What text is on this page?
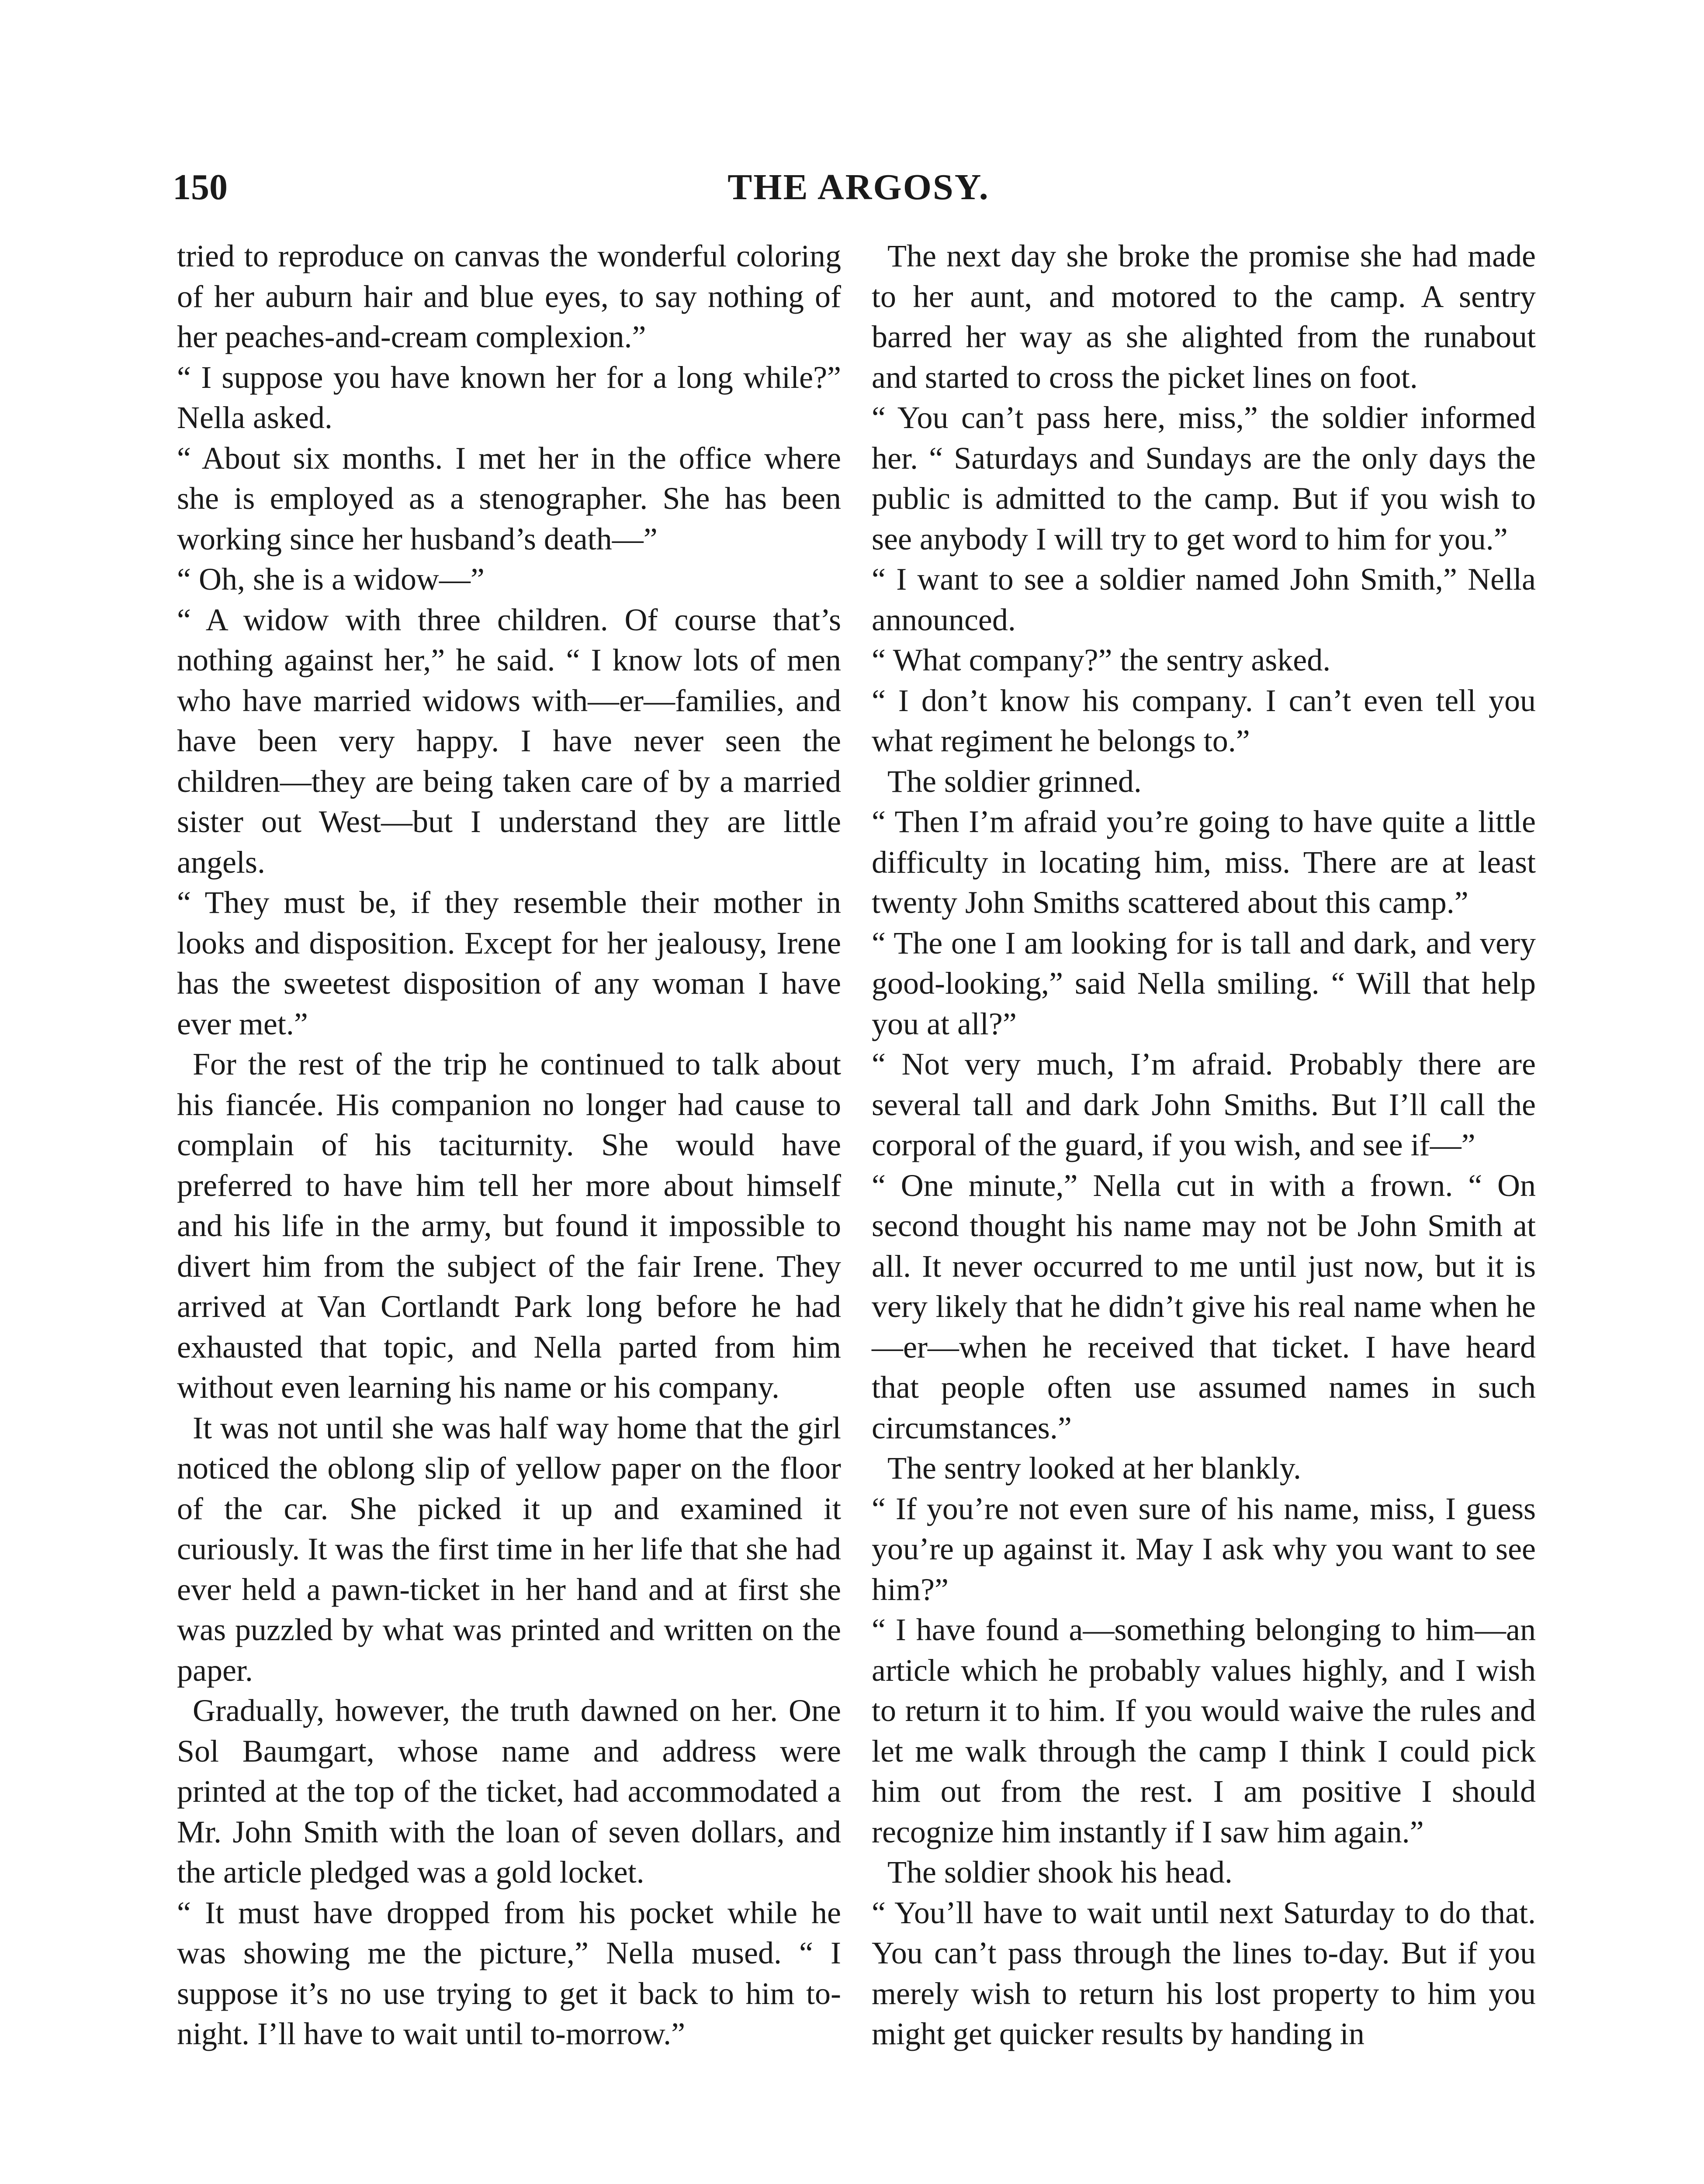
150	THE ARGOSY.

tried to reproduce on canvas the wonderful coloring of her auburn hair and blue eyes, to say nothing of her peaches-and-cream complexion.”

“ I suppose you have known her for a long while?” Nella asked.

“ About six months. I met her in the office where she is employed as a stenographer. She has been working since her husband’s death—”

“ Oh, she is a widow—”

“ A widow with three children. Of course that’s nothing against her,” he said. “ I know lots of men who have married widows with—er—families, and have been very happy. I have never seen the children—they are being taken care of by a married sister out West—but I understand they are little angels.

“ They must be, if they resemble their mother in looks and disposition. Except for her jealousy, Irene has the sweetest disposition of any woman I have ever met.”

For the rest of the trip he continued to talk about his fiancée. His companion no longer had cause to complain of his taciturnity. She would have preferred to have him tell her more about himself and his life in the army, but found it impossible to divert him from the subject of the fair Irene. They arrived at Van Cortlandt Park long before he had exhausted that topic, and Nella parted from him without even learning his name or his company.

It was not until she was half way home that the girl noticed the oblong slip of yellow paper on the floor of the car. She picked it up and examined it curiously. It was the first time in her life that she had ever held a pawn-ticket in her hand and at first she was puzzled by what was printed and written on the paper.

Gradually, however, the truth dawned on her. One Sol Baumgart, whose name and address were printed at the top of the ticket, had accommodated a Mr. John Smith with the loan of seven dollars, and the article pledged was a gold locket.

“ It must have dropped from his pocket while he was showing me the picture,” Nella mused. “ I suppose it’s no use trying to get it back to him to-night. I’ll have to wait until to-morrow.”

The next day she broke the promise she had made to her aunt, and motored to the camp. A sentry barred her way as she alighted from the runabout and started to cross the picket lines on foot.

“ You can’t pass here, miss,” the soldier informed her. “ Saturdays and Sundays are the only days the public is admitted to the camp. But if you wish to see anybody I will try to get word to him for you.”

“ I want to see a soldier named John Smith,” Nella announced.

“ What company?” the sentry asked.

“ I don’t know his company. I can’t even tell you what regiment he belongs to.”

The soldier grinned.

“ Then I’m afraid you’re going to have quite a little difficulty in locating him, miss. There are at least twenty John Smiths scattered about this camp.”

“ The one I am looking for is tall and dark, and very good-looking,” said Nella smiling. “ Will that help you at all?”

“ Not very much, I’m afraid. Probably there are several tall and dark John Smiths. But I’ll call the corporal of the guard, if you wish, and see if—”

“ One minute,” Nella cut in with a frown. “ On second thought his name may not be John Smith at all. It never occurred to me until just now, but it is very likely that he didn’t give his real name when he—er—when he received that ticket. I have heard that people often use assumed names in such circumstances.”

The sentry looked at her blankly.

“ If you’re not even sure of his name, miss, I guess you’re up against it. May I ask why you want to see him?”

“ I have found a—something belonging to him—an article which he probably values highly, and I wish to return it to him. If you would waive the rules and let me walk through the camp I think I could pick him out from the rest. I am positive I should recognize him instantly if I saw him again.”

The soldier shook his head.

“ You’ll have to wait until next Saturday to do that. You can’t pass through the lines to-day. But if you merely wish to return his lost property to him you might get quicker results by handing in
